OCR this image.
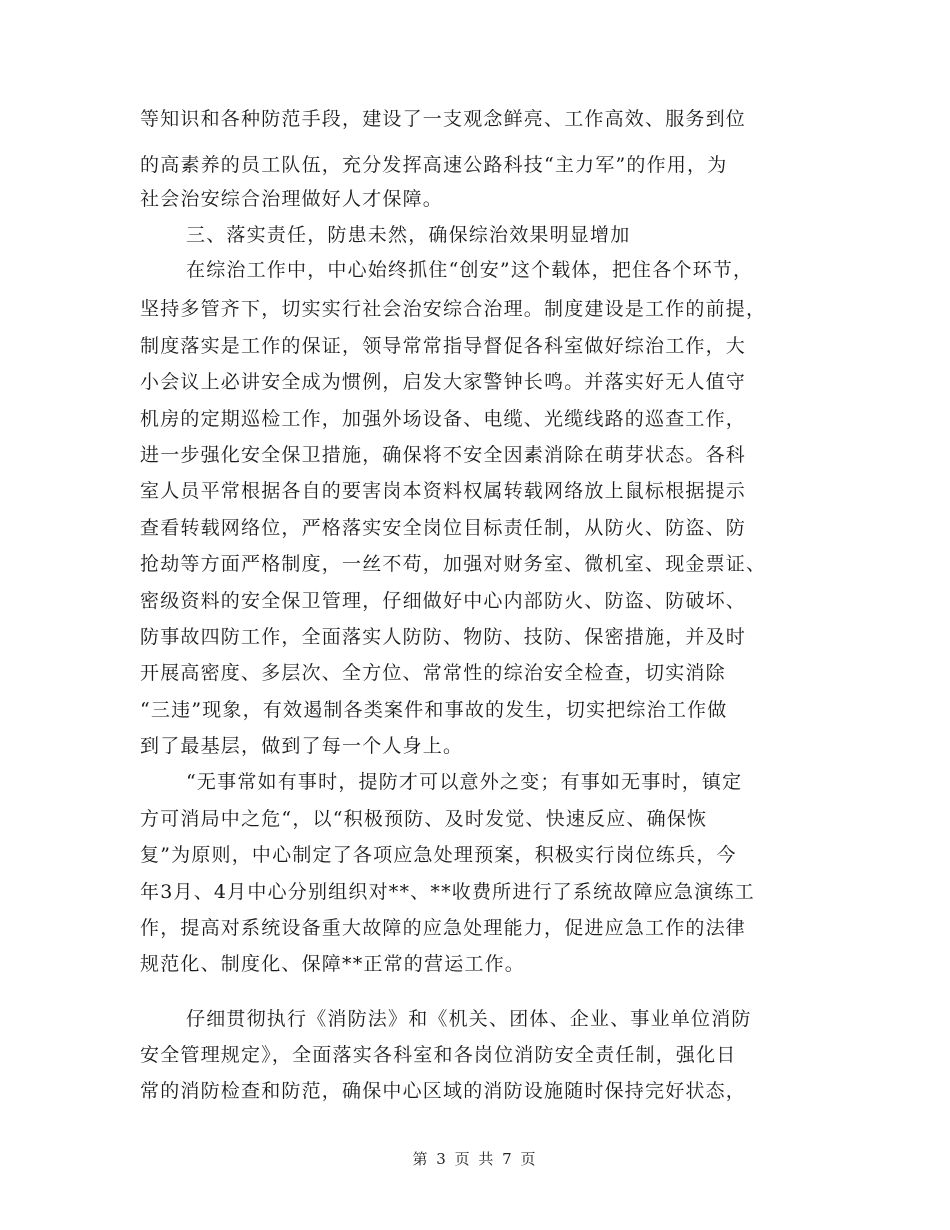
等知识和各种防范手段，建设了一支观念鲜亮、工作高效、服务到位
的高素养的员工队伍，充分发挥高速公路科技“主力军”的作用，为
社会治安综合治理做好人才保障。
三、落实责任，防患未然，确保综治效果明显增加
在综治工作中，中心始终抓住“创安”这个载体，把住各个环节，
坚持多管齐下，切实实行社会治安综合治理。制度建设是工作的前提，
制度落实是工作的保证，领导常常指导督促各科室做好综治工作，大
小会议上必讲安全成为惯例，启发大家警钟长鸣。并落实好无人值守
机房的定期巡检工作，加强外场设备、电缆、光缆线路的巡查工作，
进一步强化安全保卫措施，确保将不安全因素消除在萌芽状态。各科
室人员平常根据各自的要害岗本资料权属转载网络放上鼠标根据提示
查看转载网络位，严格落实安全岗位目标责任制，从防火、防盗、防
抢劫等方面严格制度，一丝不苟，加强对财务室、微机室、现金票证、
密级资料的安全保卫管理，仔细做好中心内部防火、防盗、防破坏、
防事故四防工作，全面落实人防防、物防、技防、保密措施，并及时
开展高密度、多层次、全方位、常常性的综治安全检查，切实消除
“三违”现象，有效遏制各类案件和事故的发生，切实把综治工作做
到了最基层，做到了每一个人身上。
“无事常如有事时，提防才可以意外之变；有事如无事时，镇定
方可消局中之危“，以“积极预防、及时发觉、快速反应、确保恢
复”为原则，中心制定了各项应急处理预案，积极实行岗位练兵，今
年3月、4月中心分别组织对**、**收费所进行了系统故障应急演练工
作，提高对系统设备重大故障的应急处理能力，促进应急工作的法律
规范化、制度化、保障**正常的营运工作。
仔细贯彻执行《消防法》和《机关、团体、企业、事业单位消防
安全管理规定》，全面落实各科室和各岗位消防安全责任制，强化日
常的消防检查和防范，确保中心区域的消防设施随时保持完好状态，
第 3 页 共 7 页
